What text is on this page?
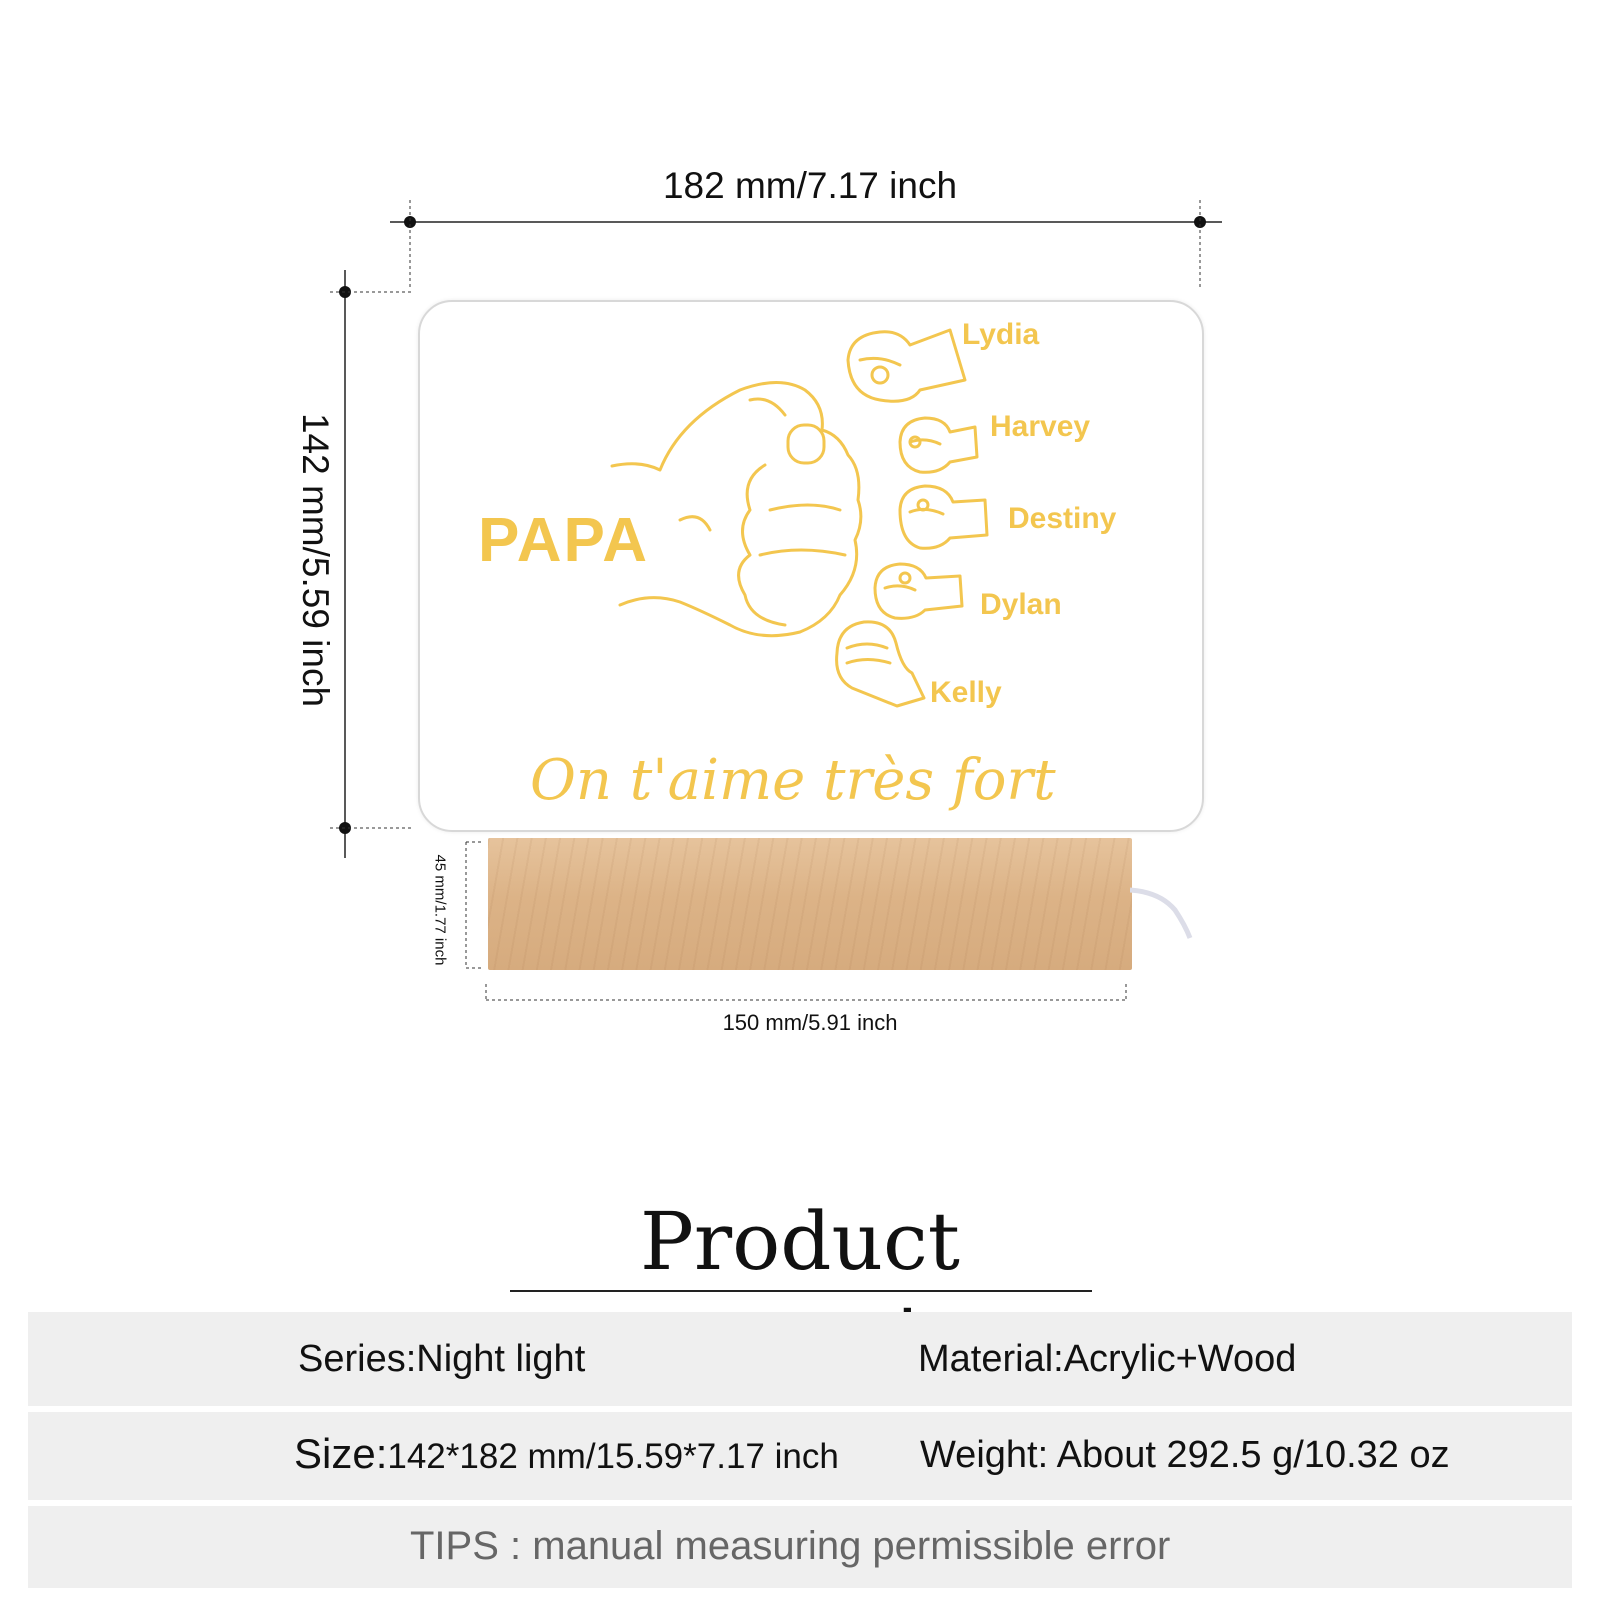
182 mm/7.17 inch
142 mm/5.59 inch
45 mm/1.77 inch
150 mm/5.91 inch
PAPA
Lydia
Harvey
Destiny
Dylan
Kelly
On t'aime très fort
Product
Series:Night light	Material:Acrylic+Wood
Size:142*182 mm/15.59*7.17 inch Weight: About 292.5 g/10.32 oz
TIPS : manual measuring permissible error
